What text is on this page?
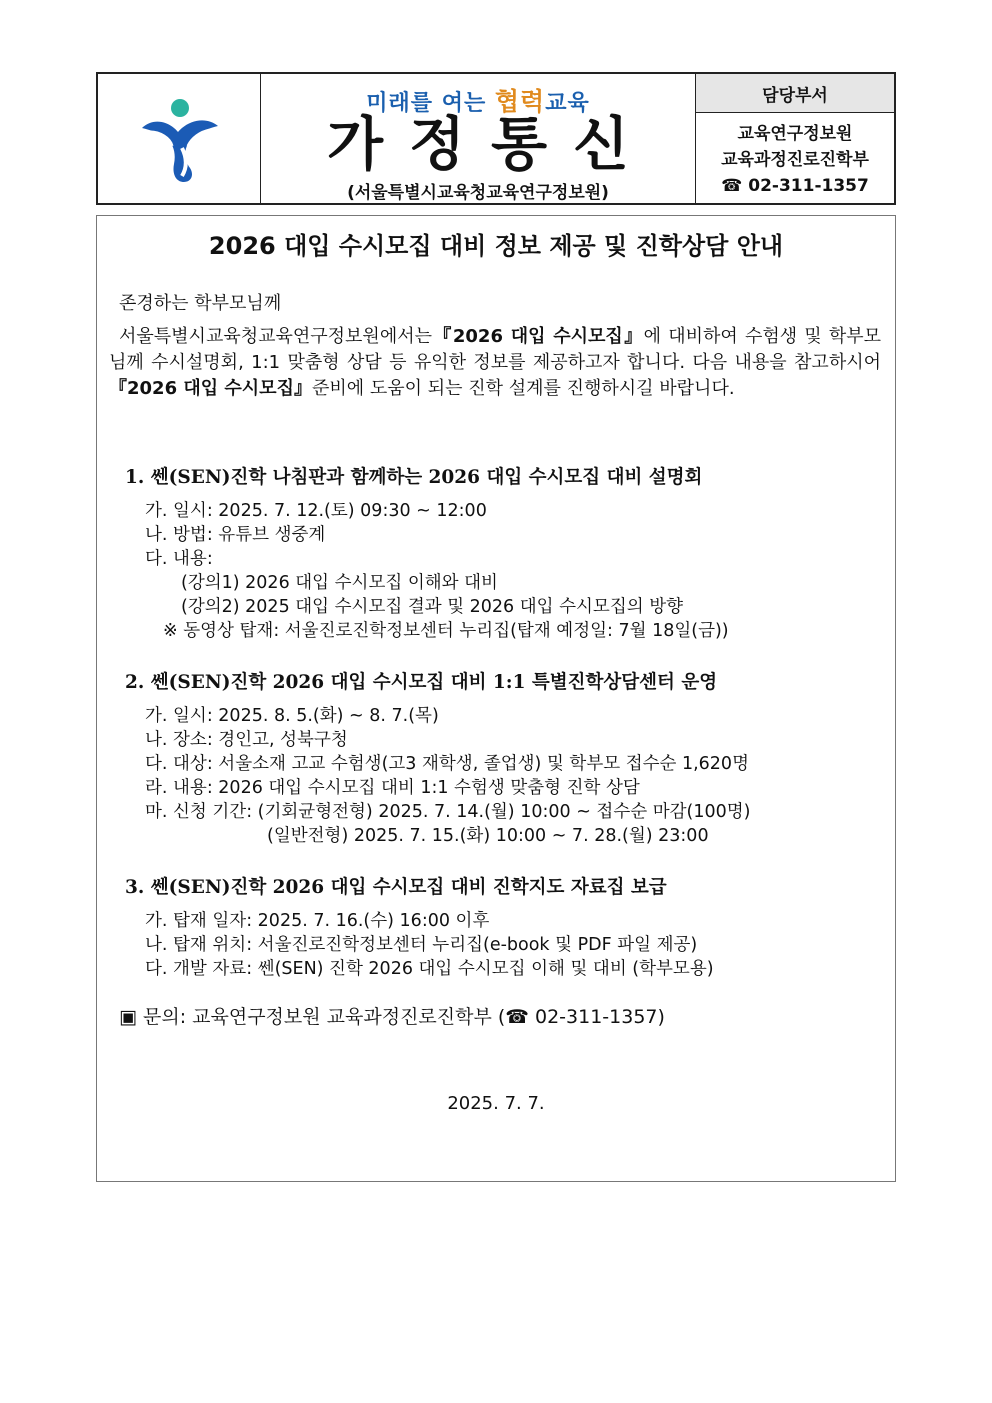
미래를 여는 협력교육
가정통신
(서울특별시교육청교육연구정보원)
담당부서
교육연구정보원
교육과정진로진학부
☎ 02-311-1357
2026 대입 수시모집 대비 정보 제공 및 진학상담 안내
존경하는 학부모님께
서울특별시교육청교육연구정보원에서는『2026 대입 수시모집』에 대비하여 수험생 및 학부모님께 수시설명회, 1:1 맞춤형 상담 등 유익한 정보를 제공하고자 합니다. 다음 내용을 참고하시어『2026 대입 수시모집』준비에 도움이 되는 진학 설계를 진행하시길 바랍니다.
1. 쎈(SEN)진학 나침판과 함께하는 2026 대입 수시모집 대비 설명회
가. 일시: 2025. 7. 12.(토) 09:30 ~ 12:00
나. 방법: 유튜브 생중계
다. 내용:
(강의1) 2026 대입 수시모집 이해와 대비
(강의2) 2025 대입 수시모집 결과 및 2026 대입 수시모집의 방향
※ 동영상 탑재: 서울진로진학정보센터 누리집(탑재 예정일: 7월 18일(금))
2. 쎈(SEN)진학 2026 대입 수시모집 대비 1:1 특별진학상담센터 운영
가. 일시: 2025. 8. 5.(화) ~ 8. 7.(목)
나. 장소: 경인고, 성북구청
다. 대상: 서울소재 고교 수험생(고3 재학생, 졸업생) 및 학부모 접수순 1,620명
라. 내용: 2026 대입 수시모집 대비 1:1 수험생 맞춤형 진학 상담
마. 신청 기간: (기회균형전형) 2025. 7. 14.(월) 10:00 ~ 접수순 마감(100명)
(일반전형) 2025. 7. 15.(화) 10:00 ~ 7. 28.(월) 23:00
3. 쎈(SEN)진학 2026 대입 수시모집 대비 진학지도 자료집 보급
가. 탑재 일자: 2025. 7. 16.(수) 16:00 이후
나. 탑재 위치: 서울진로진학정보센터 누리집(e-book 및 PDF 파일 제공)
다. 개발 자료: 쎈(SEN) 진학 2026 대입 수시모집 이해 및 대비 (학부모용)
▣ 문의: 교육연구정보원 교육과정진로진학부 (☎ 02-311-1357)
2025. 7. 7.
